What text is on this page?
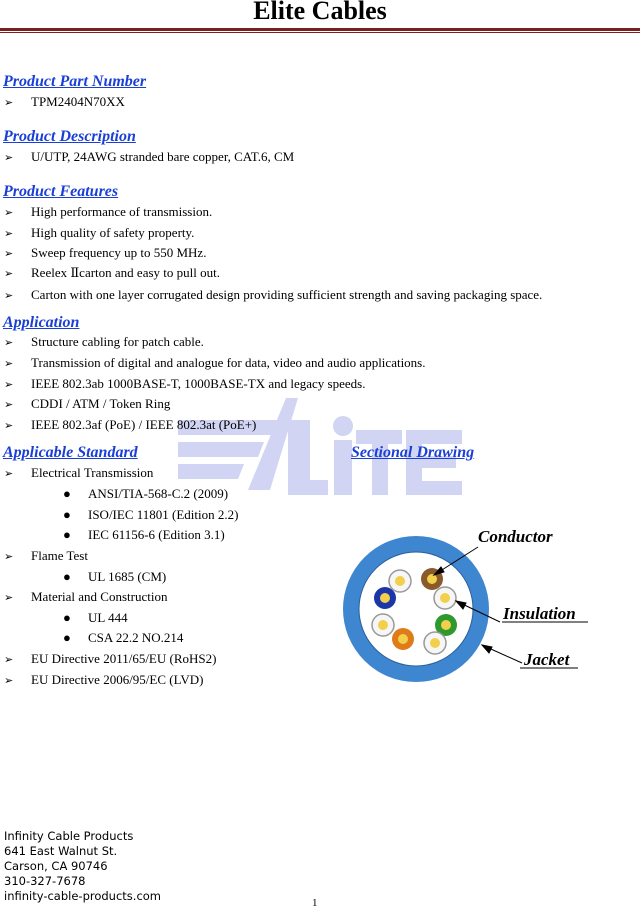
Elite Cables
Product Part Number
➢ TPM2404N70XX
Product Description
➢ U/UTP, 24AWG stranded bare copper, CAT.6, CM
Product Features
➢ High performance of transmission.
➢ High quality of safety property.
➢ Sweep frequency up to 550 MHz.
➢ Reelex Ⅱcarton and easy to pull out.
➢ Carton with one layer corrugated design providing sufficient strength and saving packaging space.
Application
➢ Structure cabling for patch cable.
➢ Transmission of digital and analogue for data, video and audio applications.
➢ IEEE 802.3ab 1000BASE-T, 1000BASE-TX and legacy speeds.
➢ CDDI / ATM / Token Ring
➢ IEEE 802.3af (PoE) / IEEE 802.3at (PoE+)
Applicable Standard	Sectional Drawing
➢ Electrical Transmission
● ANSI/TIA-568-C.2 (2009)
● ISO/IEC 11801 (Edition 2.2)
● IEC 61156-6 (Edition 3.1)
➢ Flame Test
● UL 1685 (CM)
➢ Material and Construction
● UL 444
● CSA 22.2 NO.214
➢ EU Directive 2011/65/EU (RoHS2)
➢ EU Directive 2006/95/EC (LVD)
Conductor
Insulation
Jacket
Infinity Cable Products
641 East Walnut St.
Carson, CA 90746
310-327-7678
infinity-cable-products.com	1
